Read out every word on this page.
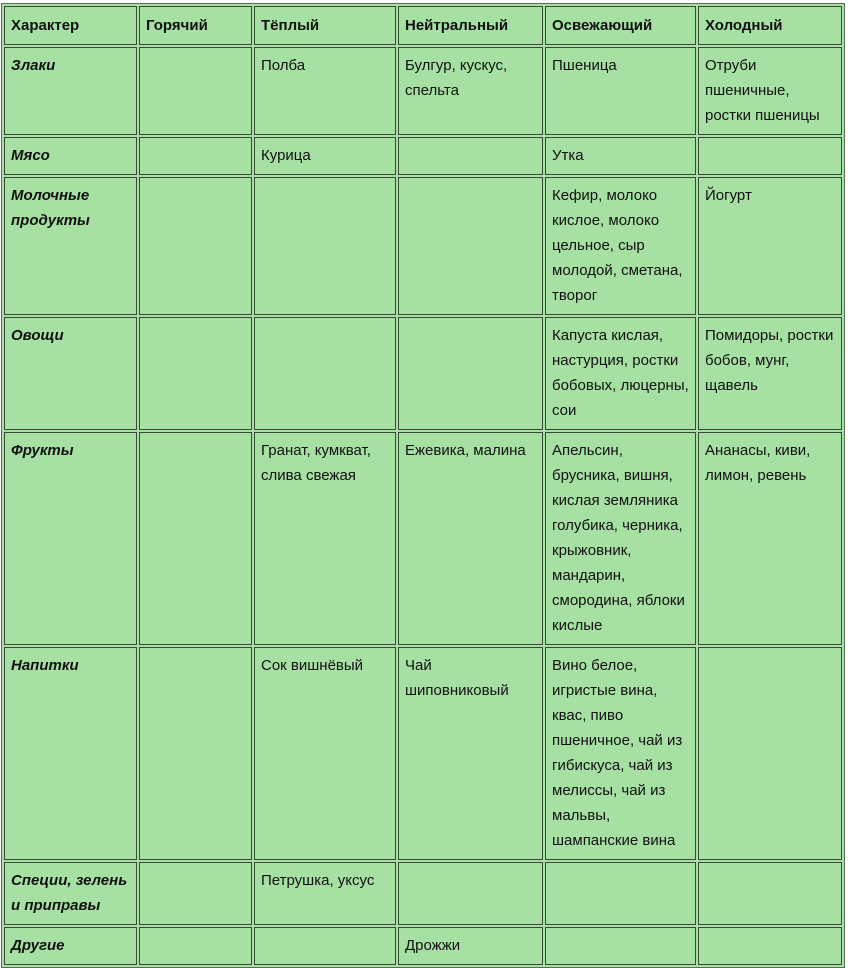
Характер	Горячий	Тёплый	Нейтральный	Освежающий	Холодный
Злаки		Полба	Булгур, кускус, спельта	Пшеница	Отруби пшеничные, ростки пшеницы
Мясо		Курица		Утка	
Молочные продукты				Кефир, молоко кислое, молоко цельное, сыр молодой, сметана, творог	Йогурт
Овощи				Капуста кислая, настурция, ростки бобовых, люцерны, сои	Помидоры, ростки бобов, мунг, щавель
Фрукты		Гранат, кумкват, слива свежая	Ежевика, малина	Апельсин, брусника, вишня, кислая земляника голубика, черника, крыжовник, мандарин, смородина, яблоки кислые	Ананасы, киви, лимон, ревень
Напитки		Сок вишнёвый	Чай шиповниковый	Вино белое, игристые вина, квас, пиво пшеничное, чай из гибискуса, чай из мелиссы, чай из мальвы, шампанские вина	
Специи, зелень и приправы		Петрушка, уксус			
Другие			Дрожжи		
